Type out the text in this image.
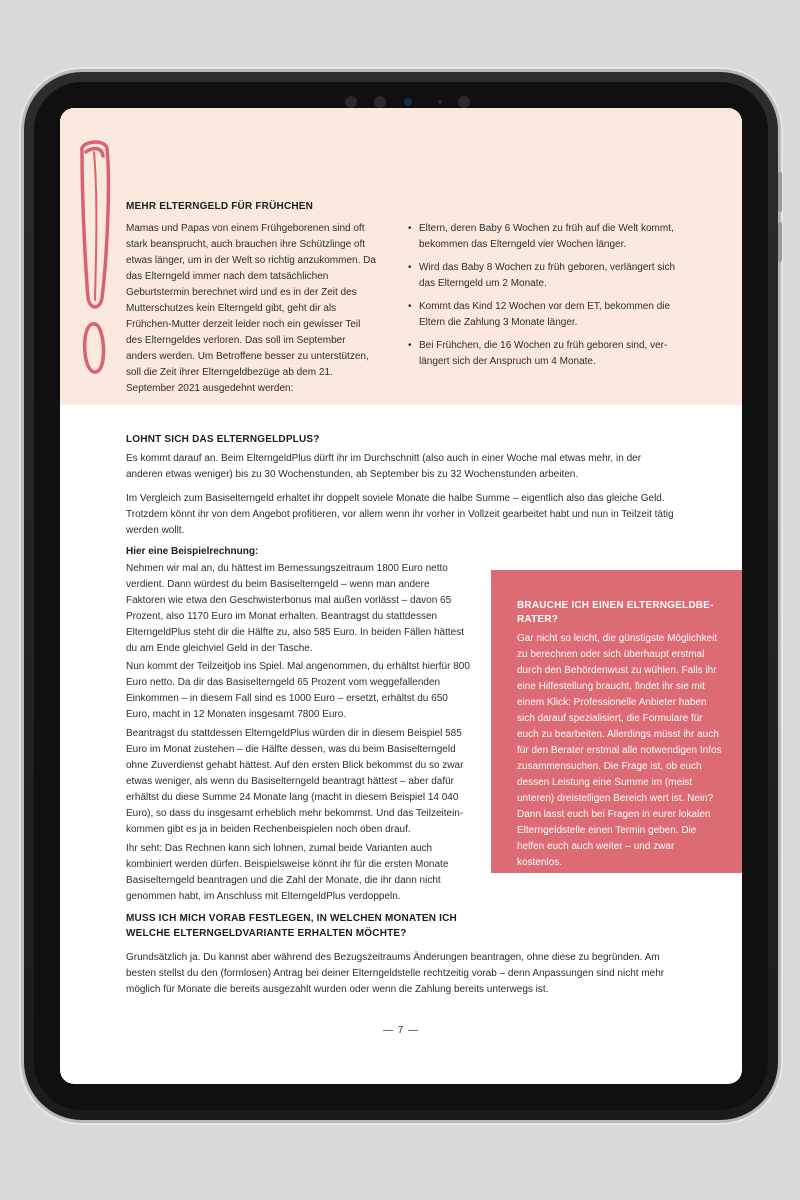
MEHR ELTERNGELD FÜR FRÜHCHEN

Mamas und Papas von einem Frühgeborenen sind oft stark beansprucht, auch brauchen ihre Schützlinge oft etwas länger, um in der Welt so richtig anzukommen. Da das Elterngeld immer nach dem tatsächlichen Geburtstermin berechnet wird und es in der Zeit des Mutterschutzes kein Elterngeld gibt, geht dir als Frühchen-Mutter derzeit leider noch ein gewisser Teil des Elterngeldes verloren. Das soll im September anders werden. Um Betroffene besser zu unterstützen, soll die Zeit ihrer Elterngeldbezüge ab dem 21. September 2021 ausgedehnt werden:

• Eltern, deren Baby 6 Wochen zu früh auf die Welt kommt, bekommen das Elterngeld vier Wochen länger.
• Wird das Baby 8 Wochen zu früh geboren, verlängert sich das Elterngeld um 2 Monate.
• Kommt das Kind 12 Wochen vor dem ET, bekommen die Eltern die Zahlung 3 Monate länger.
• Bei Frühchen, die 16 Wochen zu früh geboren sind, verlängert sich der Anspruch um 4 Monate.
LOHNT SICH DAS ELTERNGELDPLUS?

Es kommt darauf an. Beim ElterngeldPlus dürft ihr im Durchschnitt (also auch in einer Woche mal etwas mehr, in der anderen etwas weniger) bis zu 30 Wochenstunden, ab September bis zu 32 Wochenstunden arbeiten.

Im Vergleich zum Basiselterngeld erhaltet ihr doppelt soviele Monate die halbe Summe – eigentlich also das gleiche Geld. Trotzdem könnt ihr von dem Angebot profitieren, vor allem wenn ihr vorher in Vollzeit gearbeitet habt und nun in Teilzeit tätig werden wollt.

Hier eine Beispielrechnung:

Nehmen wir mal an, du hättest im Bemessungszeitraum 1800 Euro netto verdient. Dann würdest du beim Basiselterngeld – wenn man andere Faktoren wie etwa den Geschwisterbonus mal außen vorlässt – davon 65 Prozent, also 1170 Euro im Monat erhalten. Beantragst du stattdessen ElterngeldPlus steht dir die Hälfte zu, also 585 Euro. In beiden Fällen hättest du am Ende gleichviel Geld in der Tasche.

Nun kommt der Teilzeitjob ins Spiel. Mal angenommen, du erhältst hierfür 800 Euro netto. Da dir das Basiselterngeld 65 Prozent vom weggefallenden Einkommen – in diesem Fall sind es 1000 Euro – ersetzt, erhältst du 650 Euro, macht in 12 Monaten insgesamt 7800 Euro.

Beantragst du stattdessen ElterngeldPlus würden dir in diesem Beispiel 585 Euro im Monat zustehen – die Hälfte dessen, was du beim Basiselterngeld ohne Zuverdienst gehabt hättest. Auf den ersten Blick bekommst du so zwar etwas weniger, als wenn du Basiselterngeld beantragt hättest – aber dafür erhältst du diese Summe 24 Monate lang (macht in diesem Beispiel 14 040 Euro), so dass du insgesamt erheblich mehr bekommst. Und das Teilzeiteinkommen gibt es ja in beiden Rechenbeispielen noch oben drauf.

Ihr seht: Das Rechnen kann sich lohnen, zumal beide Varianten auch kombiniert werden dürfen. Beispielsweise könnt ihr für die ersten Monate Basiselterngeld beantragen und die Zahl der Monate, die ihr dann nicht genommen habt, im Anschluss mit ElterngeldPlus verdoppeln.

BRAUCHE ICH EINEN ELTERNGELDBERATER?

Gar nicht so leicht, die günstigste Möglichkeit zu berechnen oder sich überhaupt erstmal durch den Behördenwust zu wühlen. Falls ihr eine Hilfestellung braucht, findet ihr sie mit einem Klick: Professionelle Anbieter haben sich darauf spezialisiert, die Formulare für euch zu bearbeiten. Allerdings müsst ihr auch für den Berater erstmal alle notwendigen Infos zusammensuchen. Die Frage ist, ob euch dessen Leistung eine Summe im (meist unteren) dreistelligen Bereich wert ist. Nein? Dann lasst euch bei Fragen in eurer lokalen Elterngeldstelle einen Termin geben. Die helfen euch auch weiter – und zwar kostenlos.

MUSS ICH MICH VORAB FESTLEGEN, IN WELCHEN MONATEN ICH WELCHE ELTERNGELDVARIANTE ERHALTEN MÖCHTE?

Grundsätzlich ja. Du kannst aber während des Bezugszeitraums Änderungen beantragen, ohne diese zu begründen. Am besten stellst du den (formlosen) Antrag bei deiner Elterngeldstelle rechtzeitig vorab – denn Anpassungen sind nicht mehr möglich für Monate die bereits ausgezahlt wurden oder wenn die Zahlung bereits unterwegs ist.

— 7 —
